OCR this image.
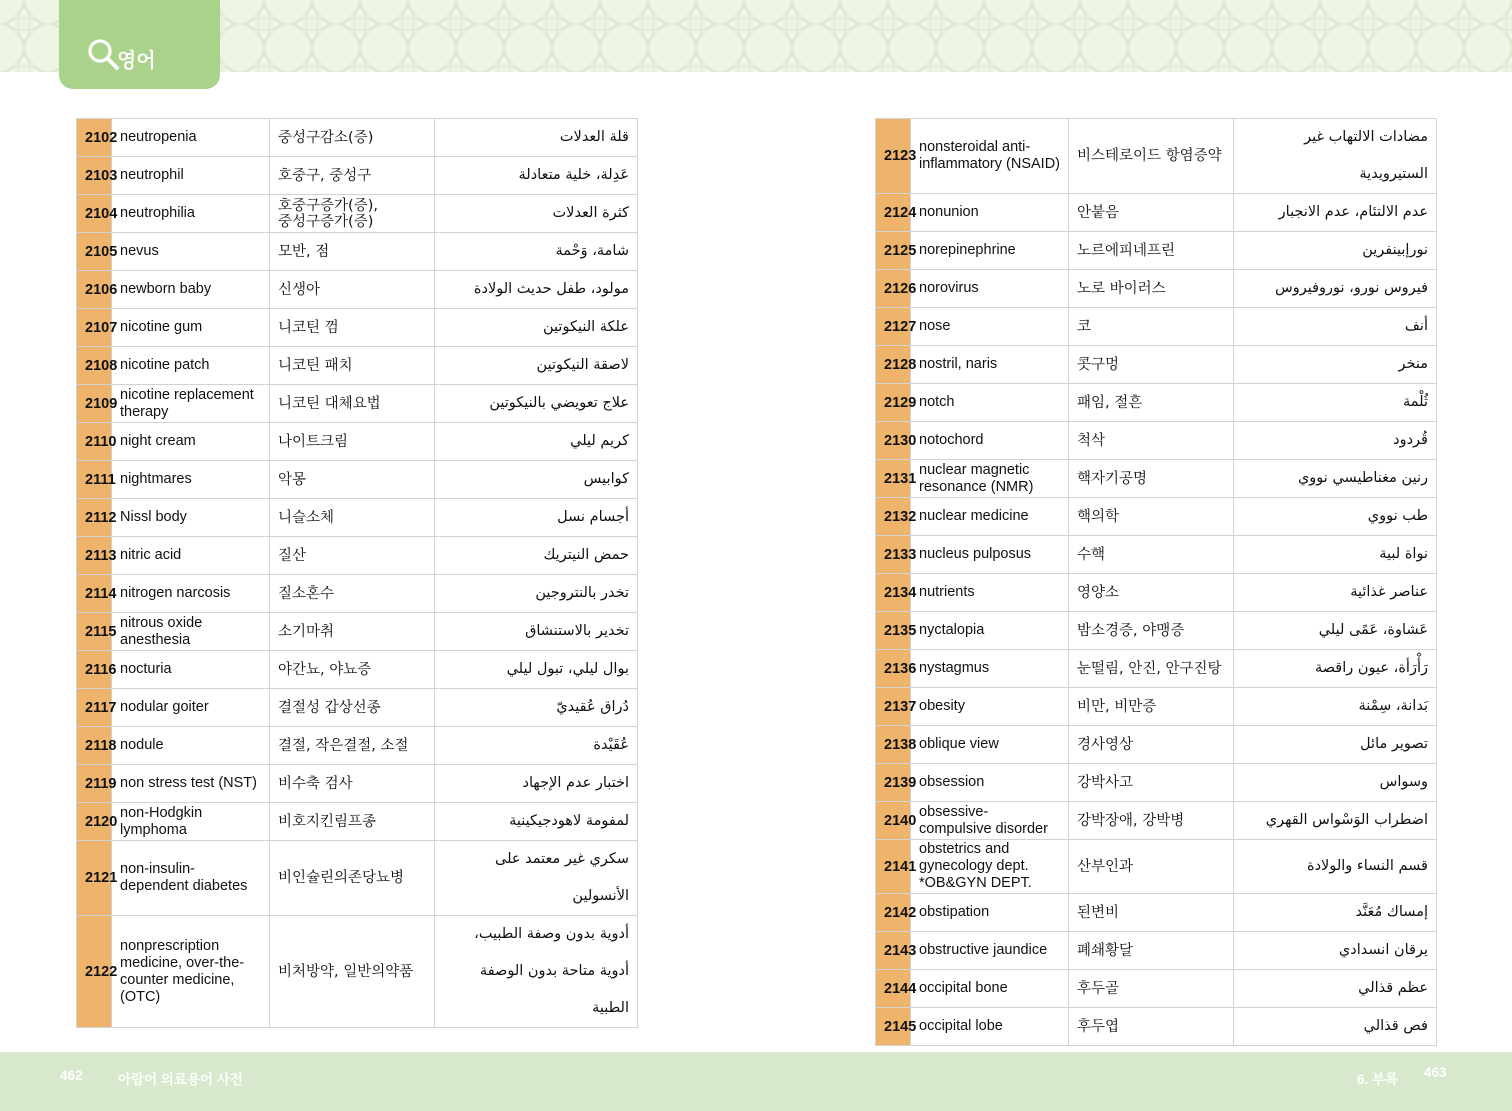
영어
2102	neutropenia	중성구감소(증)	قلة العدلات
2103	neutrophil	호중구, 중성구	عَدِلة، خلية متعادلة
2104	neutrophilia	호중구증가(증),
중성구증가(증)	كثرة العدلات
2105	nevus	모반, 점	شامة، وَحْمة
2106	newborn baby	신생아	مولود، طفل حديث الولادة
2107	nicotine gum	니코틴 껌	علكة النيكوتين
2108	nicotine patch	니코틴 패치	لاصقة النيكوتين
2109	nicotine replacement
therapy	니코틴 대체요법	علاج تعويضي بالنيكوتين
2110	night cream	나이트크림	كريم ليلي
2111	nightmares	악몽	كوابيس
2112	Nissl body	니슬소체	أجسام نسل
2113	nitric acid	질산	حمض النيتريك
2114	nitrogen narcosis	질소혼수	تخدر بالنتروجين
2115	nitrous oxide
anesthesia	소기마취	تخدير بالاستنشاق
2116	nocturia	야간뇨, 야뇨증	بوال ليلي، تبول ليلي
2117	nodular goiter	결절성 갑상선종	دُراق عُقيديّ
2118	nodule	결절, 작은결절, 소절	عُقَيْدة
2119	non stress test (NST)	비수축 검사	اختبار عدم الإجهاد
2120	non-Hodgkin
lymphoma	비호지킨림프종	لمفومة لاهودجيكينية
2121	non-insulin-
dependent diabetes	비인슐린의존당뇨병	سكري غير معتمد على
الأنسولين
2122	nonprescription
medicine, over-the-
counter medicine,
(OTC)	비처방약, 일반의약품	أدوية بدون وصفة الطبيب،
أدوية متاحة بدون الوصفة
الطبية
2123	nonsteroidal anti-
inflammatory (NSAID)	비스테로이드 항염증약	مضادات الالتهاب غير
الستيرويدية
2124	nonunion	안붙음	عدم الالتئام، عدم الانجبار
2125	norepinephrine	노르에피네프린	نورإبينفرين
2126	norovirus	노로 바이러스	فيروس نورو، نوروفيروس
2127	nose	코	أنف
2128	nostril, naris	콧구멍	منخر
2129	notch	패임, 절흔	ثُلْمة
2130	notochord	척삭	قُردود
2131	nuclear magnetic
resonance (NMR)	핵자기공명	رنين مغناطيسي نووي
2132	nuclear medicine	핵의학	طب نووي
2133	nucleus pulposus	수핵	نواة لبية
2134	nutrients	영양소	عناصر غذائية
2135	nyctalopia	밤소경증, 야맹증	عَشاوة، عَمًى ليلي
2136	nystagmus	눈떨림, 안진, 안구진탕	رَأْرَأة، عيون راقصة
2137	obesity	비만, 비만증	بَدانة، سِمْنة
2138	oblique view	경사영상	تصوير مائل
2139	obsession	강박사고	وسواس
2140	obsessive-
compulsive disorder	강박장애, 강박병	اضطراب الوَسْواس القهري
2141	obstetrics and
gynecology dept.
*OB&GYN DEPT.	산부인과	قسم النساء والولادة
2142	obstipation	된변비	إمساك مُعَنَّد
2143	obstructive jaundice	폐쇄황달	يرقان انسدادي
2144	occipital bone	후두골	عظم قذالي
2145	occipital lobe	후두엽	فص قذالي
462	아랍어 의료용어 사전	6. 부록 463
